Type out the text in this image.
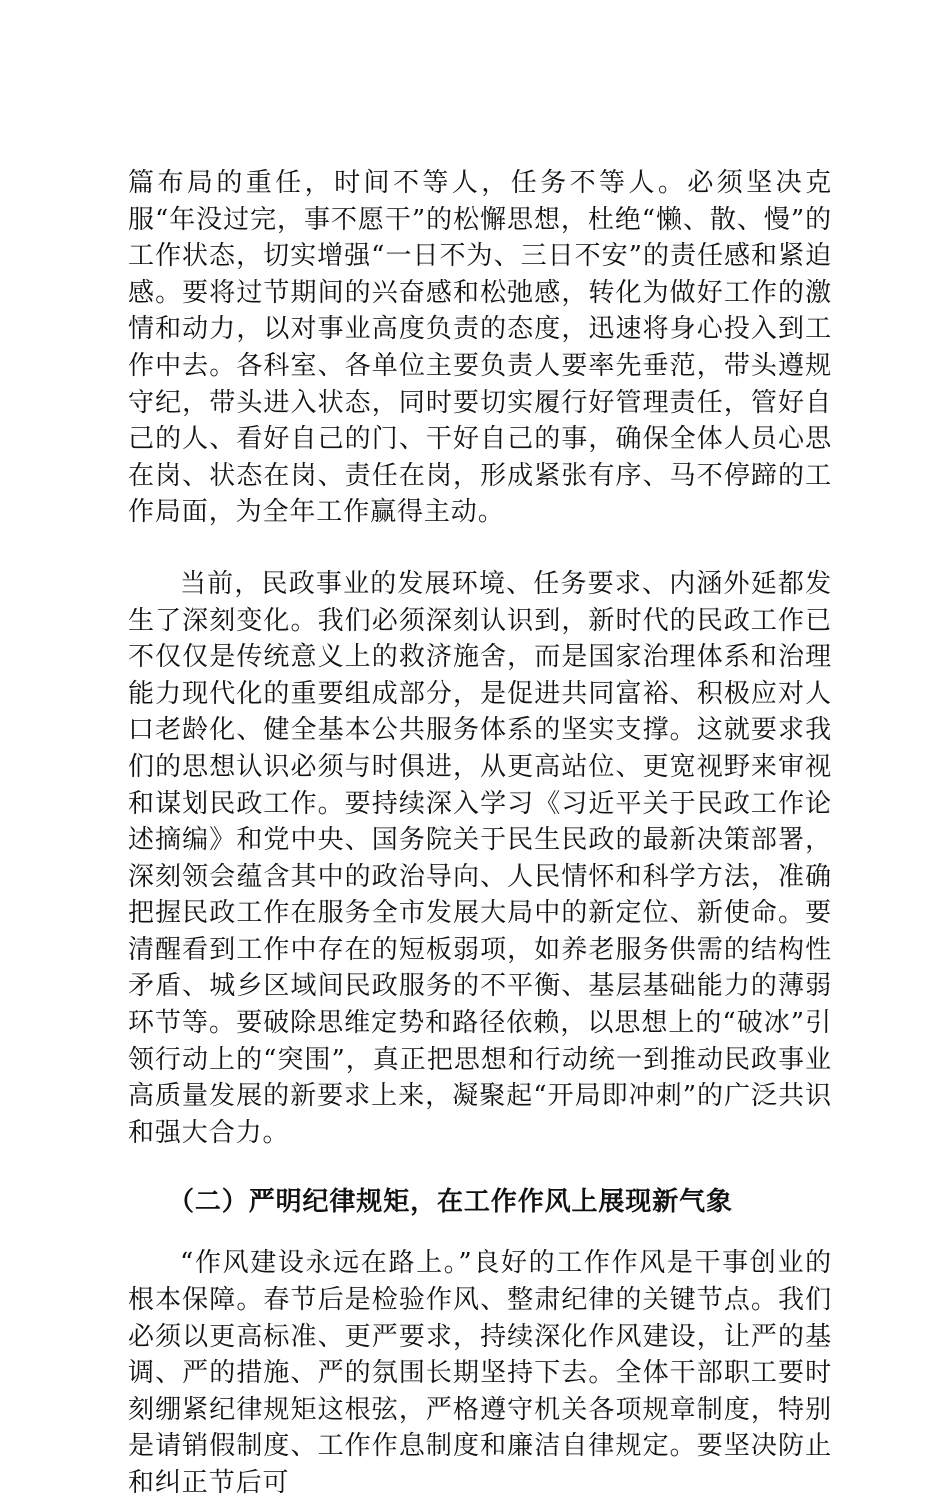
篇布局的重任，时间不等人，任务不等人。必须坚决克服“年没过完，事不愿干”的松懈思想，杜绝“懒、散、慢”的工作状态，切实增强“一日不为、三日不安”的责任感和紧迫感。要将过节期间的兴奋感和松弛感，转化为做好工作的激情和动力，以对事业高度负责的态度，迅速将身心投入到工作中去。各科室、各单位主要负责人要率先垂范，带头遵规守纪，带头进入状态，同时要切实履行好管理责任，管好自己的人、看好自己的门、干好自己的事，确保全体人员心思在岗、状态在岗、责任在岗，形成紧张有序、马不停蹄的工作局面，为全年工作赢得主动。

当前，民政事业的发展环境、任务要求、内涵外延都发生了深刻变化。我们必须深刻认识到，新时代的民政工作已不仅仅是传统意义上的救济施舍，而是国家治理体系和治理能力现代化的重要组成部分，是促进共同富裕、积极应对人口老龄化、健全基本公共服务体系的坚实支撑。这就要求我们的思想认识必须与时俱进，从更高站位、更宽视野来审视和谋划民政工作。要持续深入学习《习近平关于民政工作论述摘编》和党中央、国务院关于民生民政的最新决策部署，深刻领会蕴含其中的政治导向、人民情怀和科学方法，准确把握民政工作在服务全市发展大局中的新定位、新使命。要清醒看到工作中存在的短板弱项，如养老服务供需的结构性矛盾、城乡区域间民政服务的不平衡、基层基础能力的薄弱环节等。要破除思维定势和路径依赖，以思想上的“破冰”引领行动上的“突围”，真正把思想和行动统一到推动民政事业高质量发展的新要求上来，凝聚起“开局即冲刺”的广泛共识和强大合力。

（二）严明纪律规矩，在工作作风上展现新气象

“作风建设永远在路上。”良好的工作作风是干事创业的根本保障。春节后是检验作风、整肃纪律的关键节点。我们必须以更高标准、更严要求，持续深化作风建设，让严的基调、严的措施、严的氛围长期坚持下去。全体干部职工要时刻绷紧纪律规矩这根弦，严格遵守机关各项规章制度，特别是请销假制度、工作作息制度和廉洁自律规定。要坚决防止和纠正节后可
